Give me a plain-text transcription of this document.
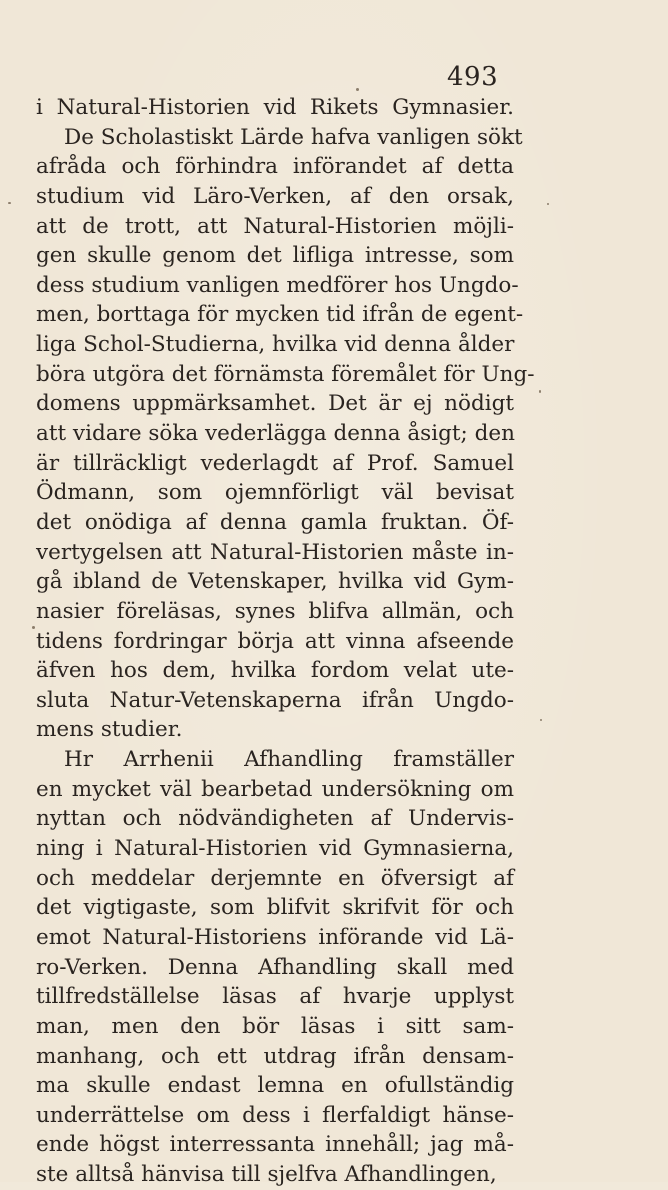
493
i Natural-Historien vid Rikets Gymnasier.
De Scholastiskt Lärde hafva vanligen sökt
afråda och förhindra införandet af detta
studium vid Läro-Verken, af den orsak,
att de trott, att Natural-Historien möjli-
gen skulle genom det lifliga intresse, som
dess studium vanligen medförer hos Ungdo-
men, borttaga för mycken tid ifrån de egent-
liga Schol-Studierna, hvilka vid denna ålder
böra utgöra det förnämsta föremålet för Ung-
domens uppmärksamhet. Det är ej nödigt
att vidare söka vederlägga denna åsigt; den
är tillräckligt vederlagdt af Prof. Samuel
Ödmann, som ojemnförligt väl bevisat
det onödiga af denna gamla fruktan. Öf-
vertygelsen att Natural-Historien måste in-
gå ibland de Vetenskaper, hvilka vid Gym-
nasier föreläsas, synes blifva allmän, och
tidens fordringar börja att vinna afseende
äfven hos dem, hvilka fordom velat ute-
sluta Natur-Vetenskaperna ifrån Ungdo-
mens studier.
Hr Arrhenii Afhandling framställer
en mycket väl bearbetad undersökning om
nyttan och nödvändigheten af Undervis-
ning i Natural-Historien vid Gymnasierna,
och meddelar derjemnte en öfversigt af
det vigtigaste, som blifvit skrifvit för och
emot Natural-Historiens införande vid Lä-
ro-Verken. Denna Afhandling skall med
tillfredställelse läsas af hvarje upplyst
man, men den bör läsas i sitt sam-
manhang, och ett utdrag ifrån densam-
ma skulle endast lemna en ofullständig
underrättelse om dess i flerfaldigt hänse-
ende högst interressanta innehåll; jag må-
ste alltså hänvisa till sjelfva Afhandlingen,
